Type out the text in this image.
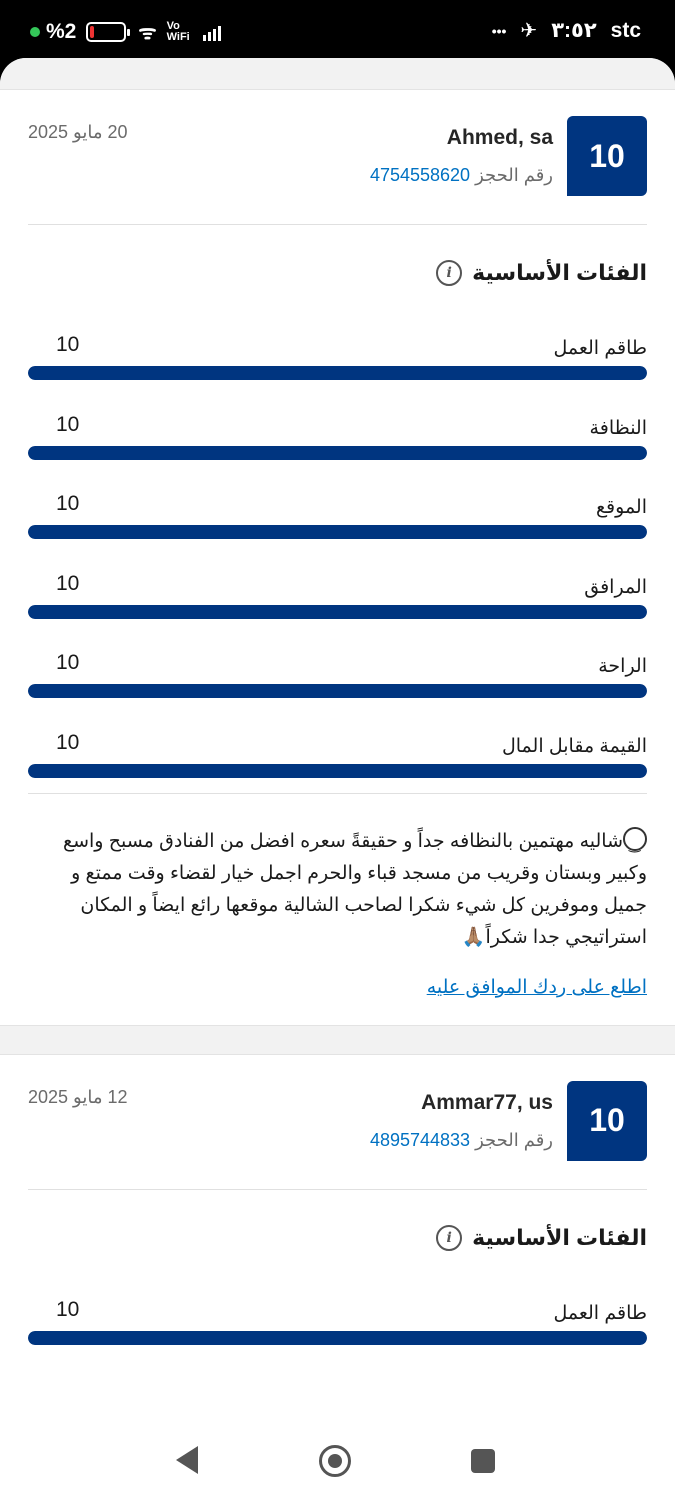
%2	ᯤ Vo WiFi	••• ✈ ٣:٥٢ stc
10
Ahmed, sa
رقم الحجز 4754558620
20 مايو 2025
i الفئات الأساسية
طاقم العمل
10
النظافة
10
الموقع
10
المرافق
10
الراحة
10
القيمة مقابل المال
10
‿شاليه مهتمين بالنظافه جداً و حقيقةً سعره افضل من الفنادق مسبح واسع وكبير وبستان وقريب من مسجد قباء والحرم اجمل خيار لقضاء وقت ممتع و جميل وموفرين كل شيء شكرا لصاحب الشالية موقعها رائع ايضاً و المكان استراتيجي جدا شكراً🙏🏽
اطلع على ردك الموافق عليه
10
Ammar77, us
رقم الحجز 4895744833
12 مايو 2025
i الفئات الأساسية
طاقم العمل
10
